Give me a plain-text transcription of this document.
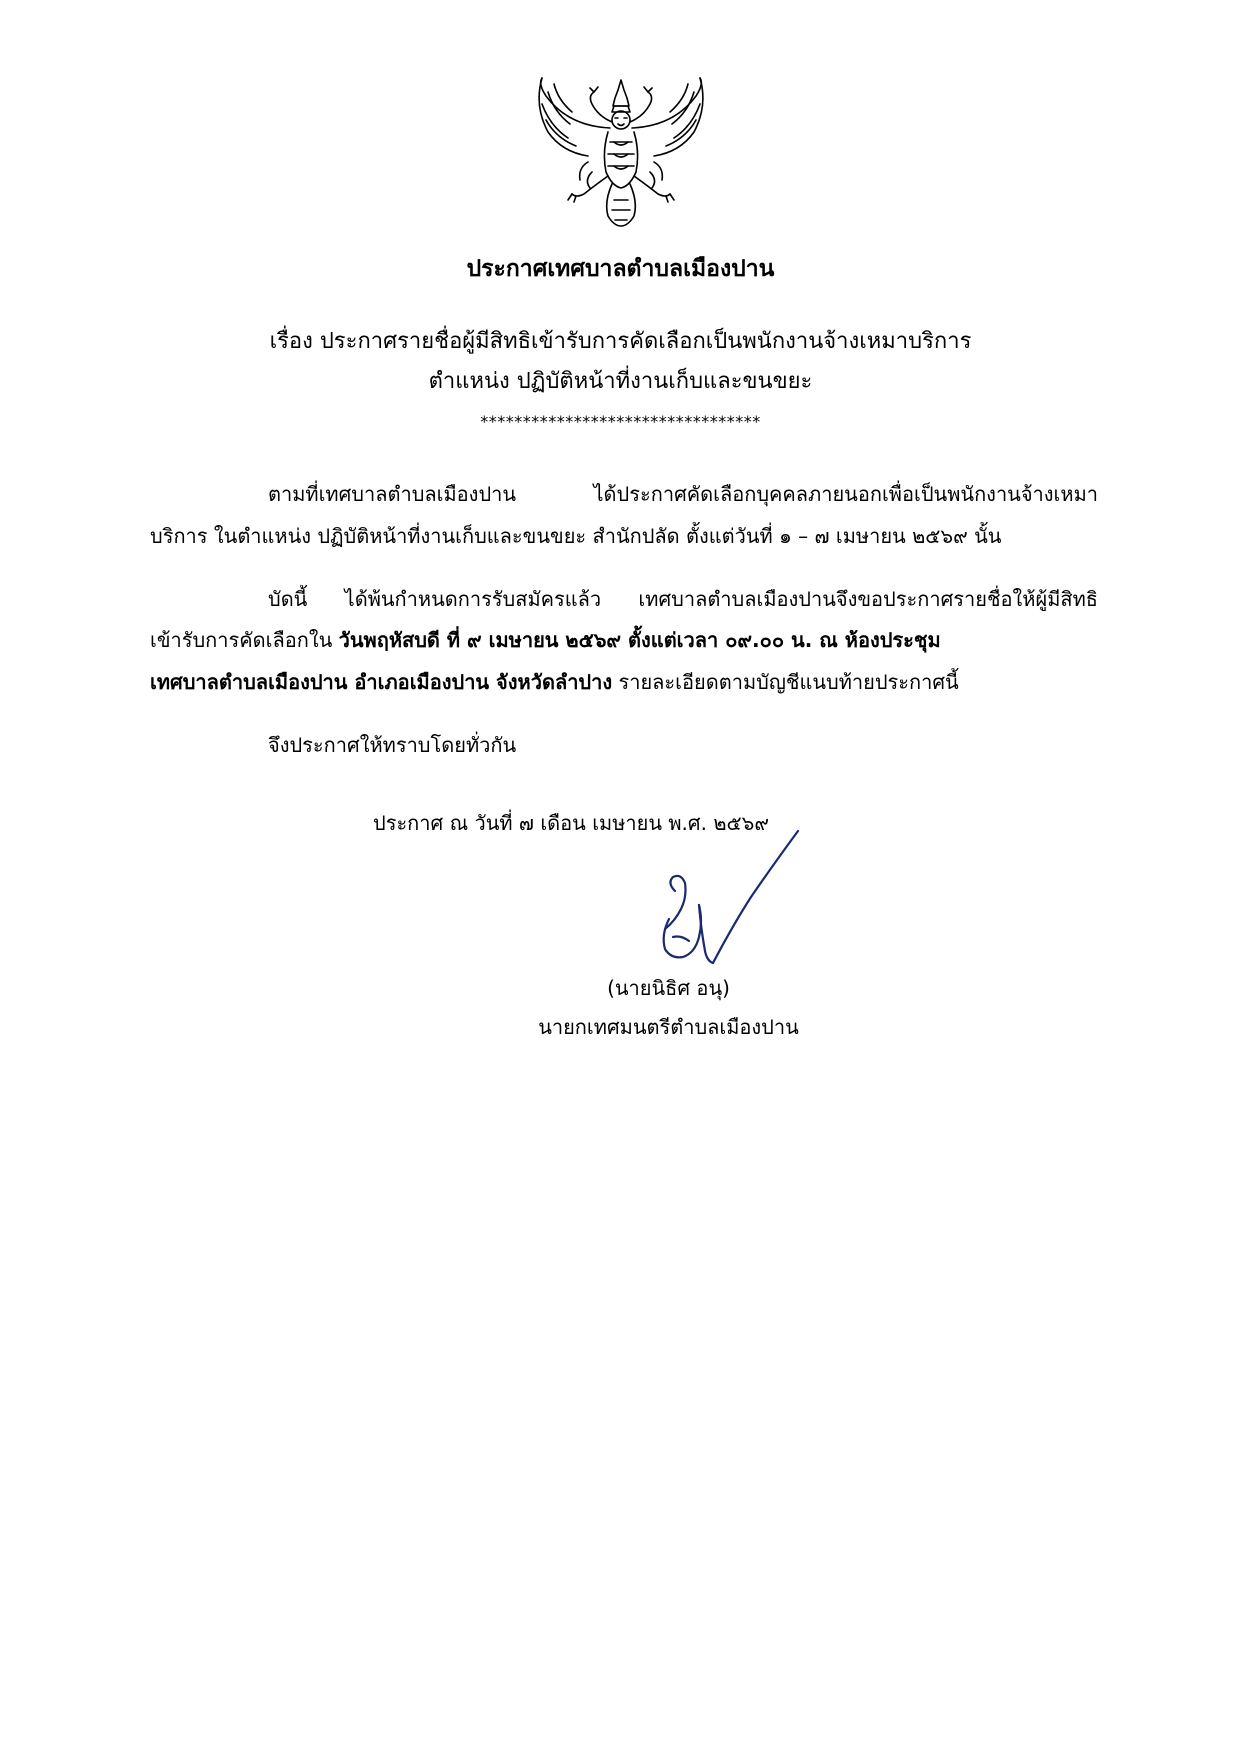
ประกาศเทศบาลตำบลเมืองปาน
เรื่อง ประกาศรายชื่อผู้มีสิทธิเข้ารับการคัดเลือกเป็นพนักงานจ้างเหมาบริการ
ตำแหน่ง ปฏิบัติหน้าที่งานเก็บและขนขยะ
*********************************
ตามที่เทศบาลตำบลเมืองปาน ได้ประกาศคัดเลือกบุคคลภายนอกเพื่อเป็นพนักงานจ้างเหมา
บริการ ในตำแหน่ง ปฏิบัติหน้าที่งานเก็บและขนขยะ สำนักปลัด ตั้งแต่วันที่ ๑ – ๗ เมษายน ๒๕๖๙ นั้น
บัดนี้ ได้พ้นกำหนดการรับสมัครแล้ว เทศบาลตำบลเมืองปานจึงขอประกาศรายชื่อให้ผู้มีสิทธิ
เข้ารับการคัดเลือกใน วันพฤหัสบดี ที่ ๙ เมษายน ๒๕๖๙ ตั้งแต่เวลา ๐๙.๐๐ น. ณ ห้องประชุม
เทศบาลตำบลเมืองปาน อำเภอเมืองปาน จังหวัดลำปาง รายละเอียดตามบัญชีแนบท้ายประกาศนี้
จึงประกาศให้ทราบโดยทั่วกัน
ประกาศ ณ วันที่ ๗ เดือน เมษายน พ.ศ. ๒๕๖๙
(นายนิธิศ อนุ)
นายกเทศมนตรีตำบลเมืองปาน
